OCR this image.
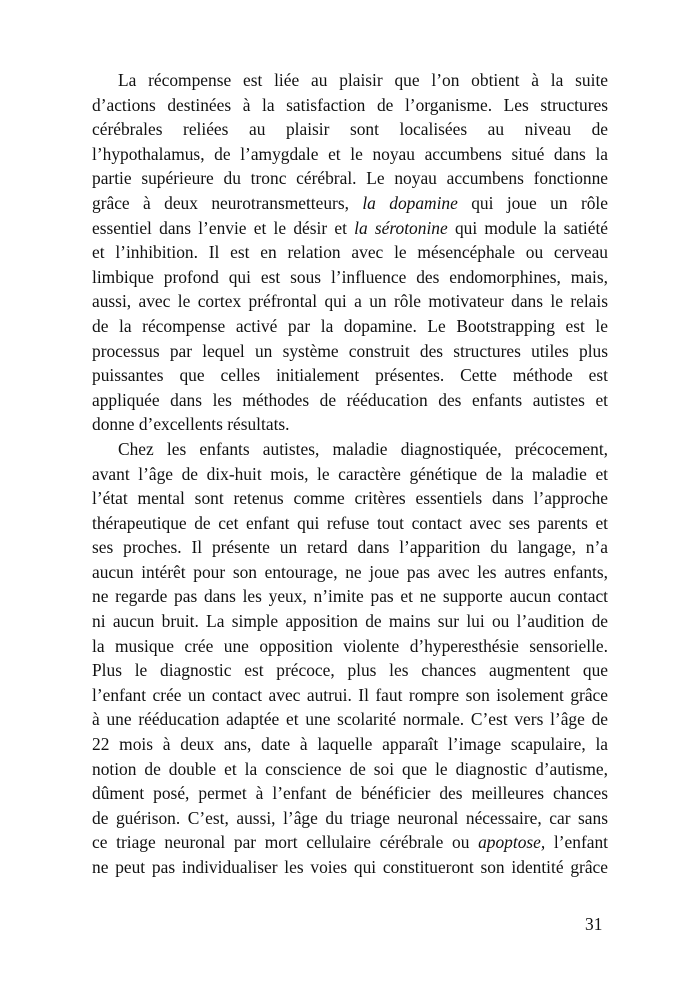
La récompense est liée au plaisir que l’on obtient à la suite
d’actions destinées à la satisfaction de l’organisme. Les structures
cérébrales reliées au plaisir sont localisées au niveau de
l’hypothalamus, de l’amygdale et le noyau accumbens situé dans la
partie supérieure du tronc cérébral. Le noyau accumbens fonctionne
grâce à deux neurotransmetteurs, la dopamine qui joue un rôle
essentiel dans l’envie et le désir et la sérotonine qui module la satiété
et l’inhibition. Il est en relation avec le mésencéphale ou cerveau
limbique profond qui est sous l’influence des endomorphines, mais,
aussi, avec le cortex préfrontal qui a un rôle motivateur dans le relais
de la récompense activé par la dopamine. Le Bootstrapping est le
processus par lequel un système construit des structures utiles plus
puissantes que celles initialement présentes. Cette méthode est
appliquée dans les méthodes de rééducation des enfants autistes et
donne d’excellents résultats.
Chez les enfants autistes, maladie diagnostiquée, précocement,
avant l’âge de dix-huit mois, le caractère génétique de la maladie et
l’état mental sont retenus comme critères essentiels dans l’approche
thérapeutique de cet enfant qui refuse tout contact avec ses parents et
ses proches. Il présente un retard dans l’apparition du langage, n’a
aucun intérêt pour son entourage, ne joue pas avec les autres enfants,
ne regarde pas dans les yeux, n’imite pas et ne supporte aucun contact
ni aucun bruit. La simple apposition de mains sur lui ou l’audition de
la musique crée une opposition violente d’hyperesthésie sensorielle.
Plus le diagnostic est précoce, plus les chances augmentent que
l’enfant crée un contact avec autrui. Il faut rompre son isolement grâce
à une rééducation adaptée et une scolarité normale. C’est vers l’âge de
22 mois à deux ans, date à laquelle apparaît l’image scapulaire, la
notion de double et la conscience de soi que le diagnostic d’autisme,
dûment posé, permet à l’enfant de bénéficier des meilleures chances
de guérison. C’est, aussi, l’âge du triage neuronal nécessaire, car sans
ce triage neuronal par mort cellulaire cérébrale ou apoptose, l’enfant
ne peut pas individualiser les voies qui constitueront son identité grâce
31
